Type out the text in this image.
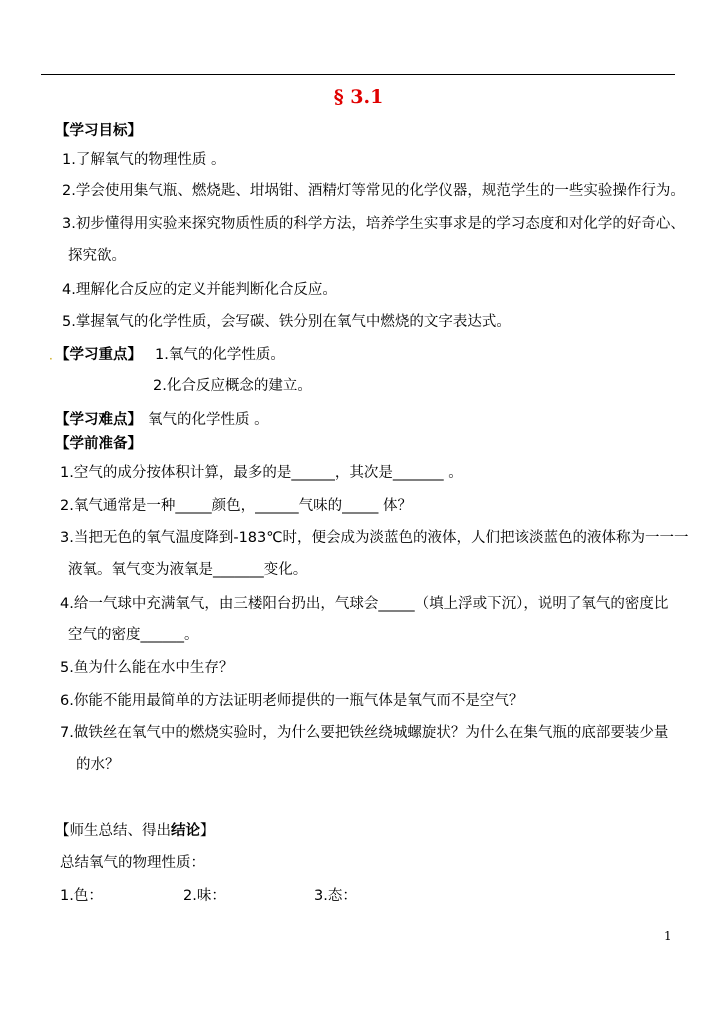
§ 3.1
【学习目标】
1.了解氧气的物理性质 。
2.学会使用集气瓶、燃烧匙、坩埚钳、酒精灯等常见的化学仪器，规范学生的一些实验操作行为。
3.初步懂得用实验来探究物质性质的科学方法，培养学生实事求是的学习态度和对化学的好奇心、
探究欲。
4.理解化合反应的定义并能判断化合反应。
5.掌握氧气的化学性质，会写碳、铁分别在氧气中燃烧的文字表达式。
· 【学习重点】 1.氧气的化学性质。
2.化合反应概念的建立。
【学习难点】 氧气的化学性质 。
【学前准备】
1.空气的成分按体积计算，最多的是______，其次是_______ 。
2.氧气通常是一种_____颜色，______气味的_____ 体？
3.当把无色的氧气温度降到-183℃时，便会成为淡蓝色的液体，人们把该淡蓝色的液体称为一一一
液氧。氧气变为液氧是_______变化。
4.给一气球中充满氧气，由三楼阳台扔出，气球会_____（填上浮或下沉），说明了氧气的密度比
空气的密度______。
5.鱼为什么能在水中生存？
6.你能不能用最简单的方法证明老师提供的一瓶气体是氧气而不是空气？
7.做铁丝在氧气中的燃烧实验时，为什么要把铁丝绕城螺旋状？为什么在集气瓶的底部要装少量
的水？
【师生总结、得出结论】
总结氧气的物理性质：
1.色：	2.味：	3.态：
1
